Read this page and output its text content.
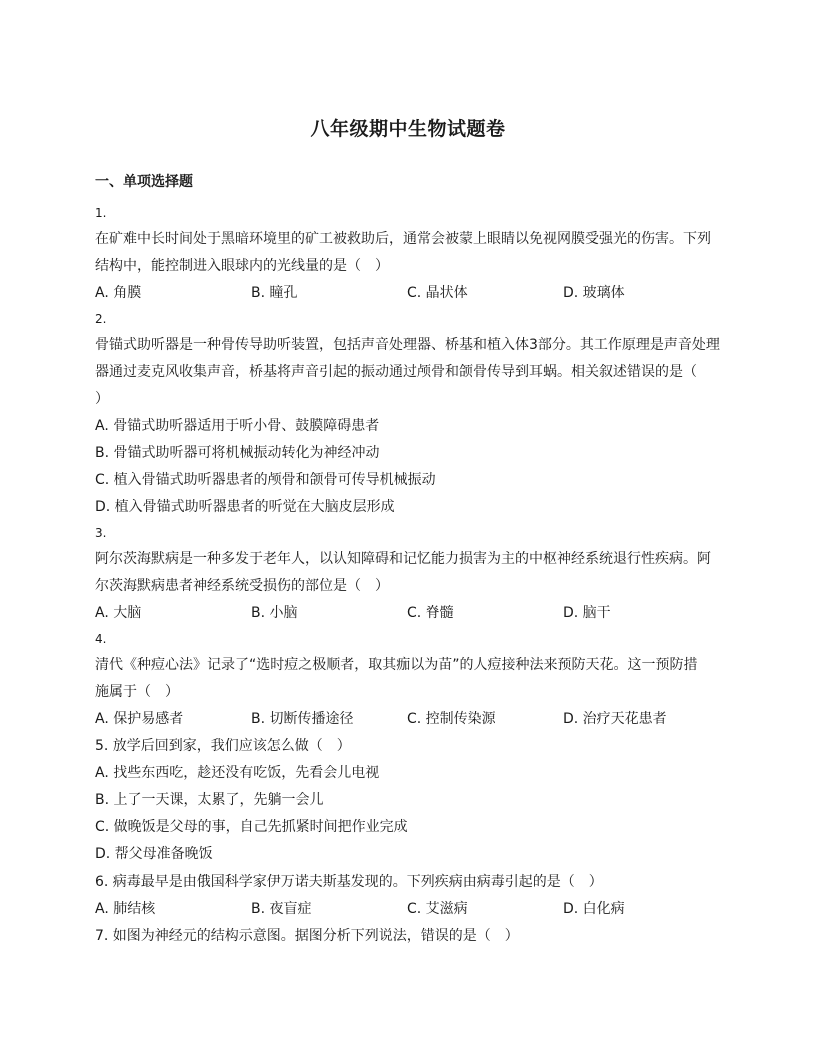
八年级期中生物试题卷
一、单项选择题
1.
在矿难中长时间处于黑暗环境里的矿工被救助后，通常会被蒙上眼睛以免视网膜受强光的伤害。下列
结构中，能控制进入眼球内的光线量的是（　）
A. 角膜	B. 瞳孔	C. 晶状体	D. 玻璃体
2.
骨锚式助听器是一种骨传导助听装置，包括声音处理器、桥基和植入体3部分。其工作原理是声音处理
器通过麦克风收集声音，桥基将声音引起的振动通过颅骨和颌骨传导到耳蜗。相关叙述错误的是（
）
A. 骨锚式助听器适用于听小骨、鼓膜障碍患者
B. 骨锚式助听器可将机械振动转化为神经冲动
C. 植入骨锚式助听器患者的颅骨和颌骨可传导机械振动
D. 植入骨锚式助听器患者的听觉在大脑皮层形成
3.
阿尔茨海默病是一种多发于老年人，以认知障碍和记忆能力损害为主的中枢神经系统退行性疾病。阿
尔茨海默病患者神经系统受损伤的部位是（　）
A. 大脑	B. 小脑	C. 脊髓	D. 脑干
4.
清代《种痘心法》记录了“选时痘之极顺者，取其痂以为苗”的人痘接种法来预防天花。这一预防措
施属于（　）
A. 保护易感者	B. 切断传播途径	C. 控制传染源	D. 治疗天花患者
5. 放学后回到家，我们应该怎么做（　）
A. 找些东西吃，趁还没有吃饭，先看会儿电视
B. 上了一天课，太累了，先躺一会儿
C. 做晚饭是父母的事，自己先抓紧时间把作业完成
D. 帮父母准备晚饭
6. 病毒最早是由俄国科学家伊万诺夫斯基发现的。下列疾病由病毒引起的是（　）
A. 肺结核	B. 夜盲症	C. 艾滋病	D. 白化病
7. 如图为神经元的结构示意图。据图分析下列说法，错误的是（　）
